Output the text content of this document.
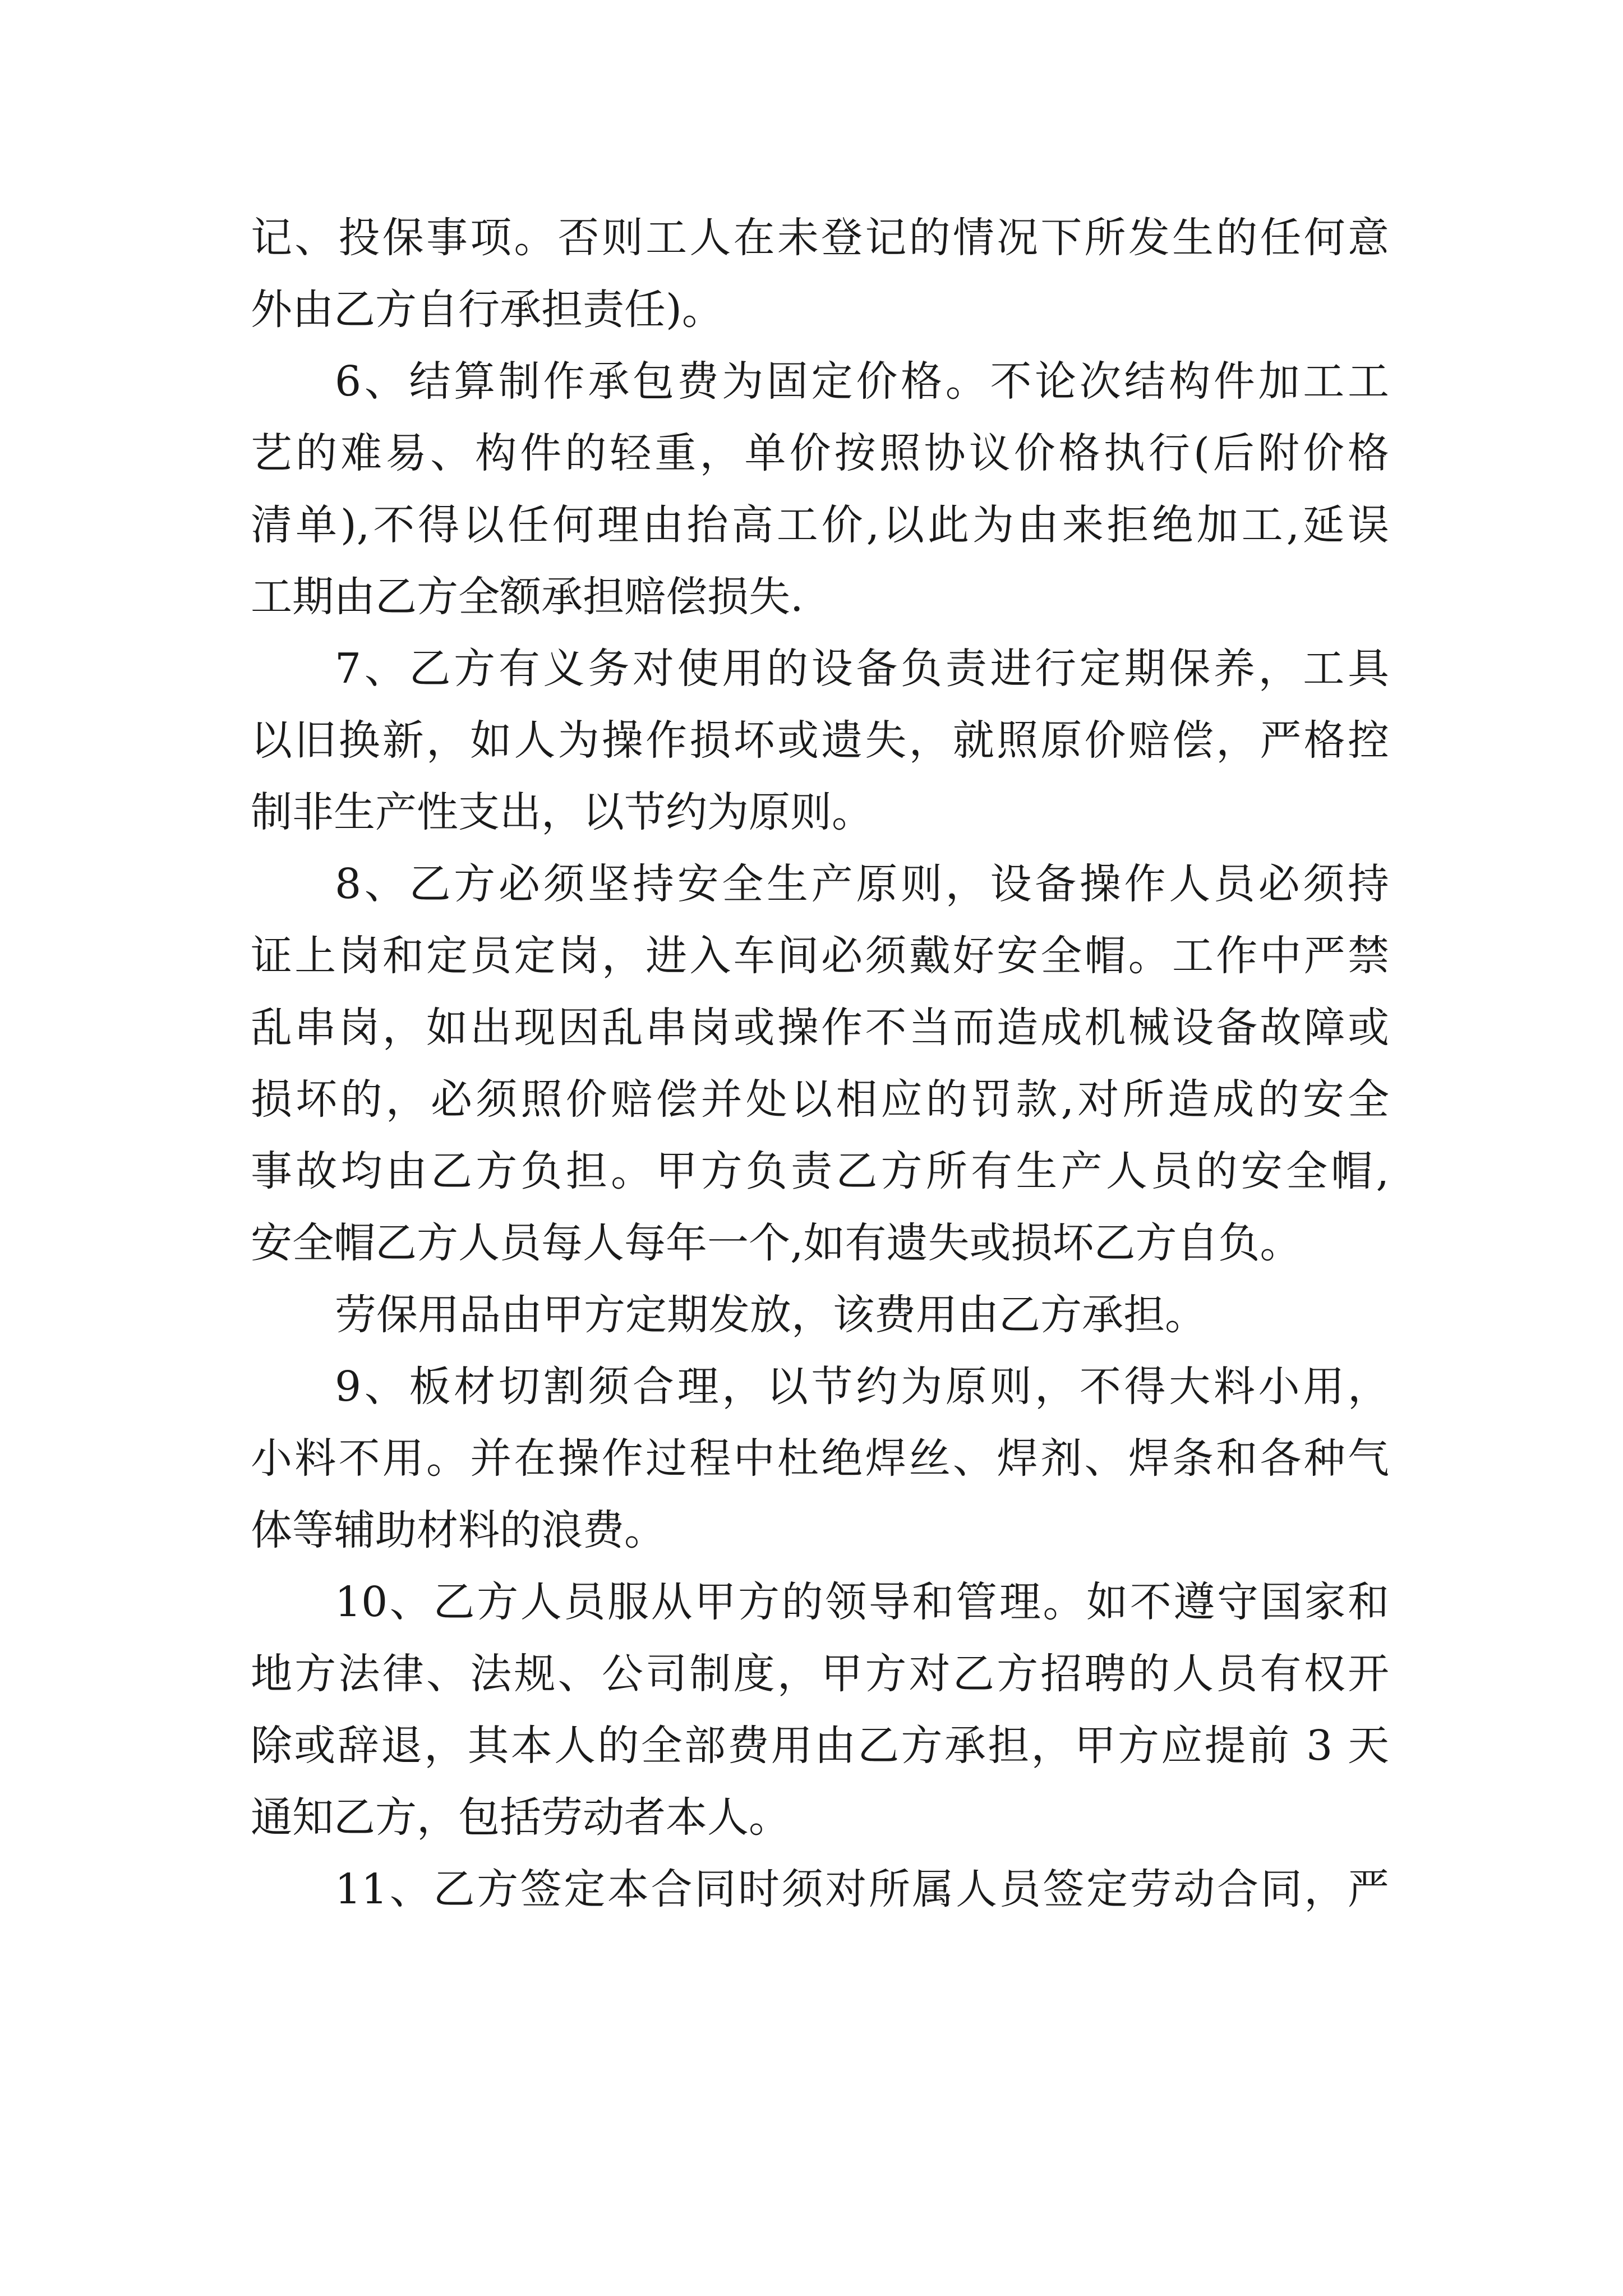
记、投保事项。否则工人在未登记的情况下所发生的任何意
外由乙方自行承担责任)。
6、结算制作承包费为固定价格。不论次结构件加工工
艺的难易、构件的轻重，单价按照协议价格执行(后附价格
清单),不得以任何理由抬高工价,以此为由来拒绝加工,延误
工期由乙方全额承担赔偿损失.
7、乙方有义务对使用的设备负责进行定期保养，工具
以旧换新，如人为操作损坏或遗失，就照原价赔偿，严格控
制非生产性支出，以节约为原则。
8、乙方必须坚持安全生产原则，设备操作人员必须持
证上岗和定员定岗，进入车间必须戴好安全帽。工作中严禁
乱串岗，如出现因乱串岗或操作不当而造成机械设备故障或
损坏的，必须照价赔偿并处以相应的罚款,对所造成的安全
事故均由乙方负担。甲方负责乙方所有生产人员的安全帽,
安全帽乙方人员每人每年一个,如有遗失或损坏乙方自负。
劳保用品由甲方定期发放，该费用由乙方承担。
9、板材切割须合理，以节约为原则，不得大料小用，
小料不用。并在操作过程中杜绝焊丝、焊剂、焊条和各种气
体等辅助材料的浪费。
10、乙方人员服从甲方的领导和管理。如不遵守国家和
地方法律、法规、公司制度，甲方对乙方招聘的人员有权开
除或辞退，其本人的全部费用由乙方承担，甲方应提前 3 天
通知乙方，包括劳动者本人。
11、乙方签定本合同时须对所属人员签定劳动合同，严
